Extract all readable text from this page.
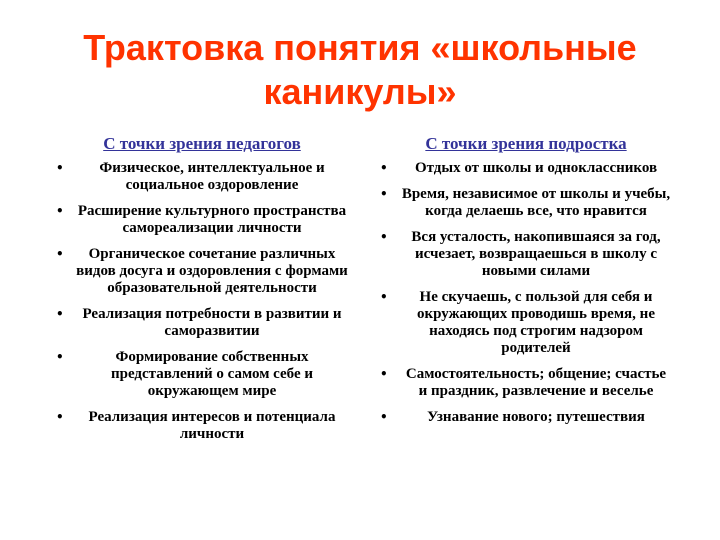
Трактовка понятия «школьные каникулы»
С точки зрения педагогов
• Физическое, интеллектуальное и социальное оздоровление
• Расширение культурного пространства самореализации личности
• Органическое сочетание различных видов досуга и оздоровления с формами образовательной деятельности
• Реализация потребности в развитии и саморазвитии
•	Формирование собственных представлений о самом себе и окружающем мире
• Реализация интересов и потенциала личности
С точки зрения подростка
• Отдых от школы и одноклассников
• Время, независимое от школы и учебы, когда делаешь все, что нравится
• Вся усталость, накопившаяся за год, исчезает, возвращаешься в школу с новыми силами
• Не скучаешь, с пользой для себя и окружающих проводишь время, не находясь под строгим надзором родителей
• Самостоятельность; общение; счастье и праздник, развлечение и веселье
•	Узнавание нового; путешествия
